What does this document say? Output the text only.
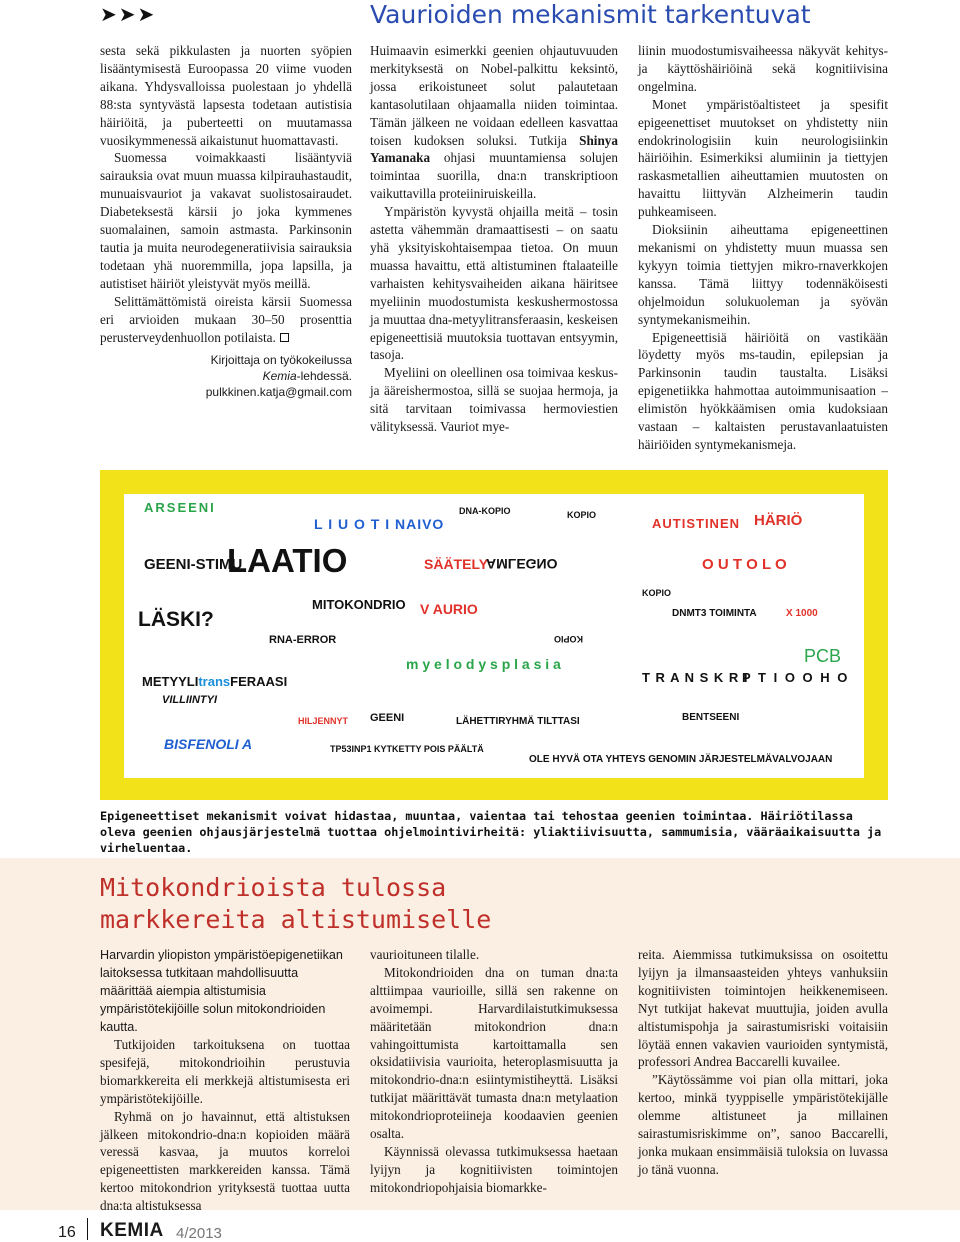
➤➤➤	Vaurioiden mekanismit tarkentuvat

sesta sekä pikkulasten ja nuorten syöpien lisääntymisestä Euroopassa 20 viime vuoden aikana. Yhdysvalloissa puolestaan jo yhdellä 88:sta syntyvästä lapsesta todetaan autistisia häiriöitä, ja puberteetti on muutamassa vuosikymmenessä aikaistunut huomattavasti.

Suomessa voimakkaasti lisääntyviä sairauksia ovat muun muassa kilpirauhastaudit, munuaisvauriot ja vakavat suolistosairaudet. Diabeteksestä kärsii jo joka kymmenes suomalainen, samoin astmasta. Parkinsonin tautia ja muita neurodegeneratiivisia sairauksia todetaan yhä nuoremmilla, jopa lapsilla, ja autistiset häiriöt yleistyvät myös meillä.

Selittämättömistä oireista kärsii Suomessa eri arvioiden mukaan 30–50 prosenttia perusterveydenhuollon potilaista.

Kirjoittaja on työkokeilussa
Kemia-lehdessä.
pulkkinen.katja@gmail.com

Huimaavin esimerkki geenien ohjautuvuuden merkityksestä on Nobel-palkittu keksintö, jossa erikoistuneet solut palautetaan kantasolutilaan ohjaamalla niiden toimintaa. Tämän jälkeen ne voidaan edelleen kasvattaa toisen kudoksen soluksi. Tutkija Shinya Yamanaka ohjasi muuntamiensa solujen toimintaa suorilla, dna:n transkriptioon vaikuttavilla proteiiniruiskeilla.

Ympäristön kyvystä ohjailla meitä – tosin astetta vähemmän dramaattisesti – on saatu yhä yksityiskohtaisempaa tietoa. On muun muassa havaittu, että altistuminen ftalaateille varhaisten kehitysvaiheiden aikana häiritsee myeliinin muodostumista keskushermostossa ja muuttaa dna-metyylitransferaasin, keskeisen epigeneettisiä muutoksia tuottavan entsyymin, tasoja.

Myeliini on oleellinen osa toimivaa keskus- ja ääreishermostoa, sillä se suojaa hermoja, ja sitä tarvitaan toimivassa hermoviestien välityksessä. Vauriot mye-

liinin muodostumisvaiheessa näkyvät kehitys- ja käyttöshäiriöinä sekä kognitiivisina ongelmina.

Monet ympäristöaltisteet ja spesifit epigeenettiset muutokset on yhdistetty niin endokrinologisiin kuin neurologisiinkin häiriöihin. Esimerkiksi alumiinin ja tiettyjen raskasmetallien aiheuttamien muutosten on havaittu liittyvän Alzheimerin taudin puhkeamiseen.

Dioksiinin aiheuttama epigeneettinen mekanismi on yhdistetty muun muassa sen kykyyn toimia tiettyjen mikro-rnaverkkojen kanssa. Tämä liittyy todennäköisesti ohjelmoidun solukuoleman ja syövän syntymekanismeihin.

Epigeneettisiä häiriöitä on vastikään löydetty myös ms-taudin, epilepsian ja Parkinsonin taudin taustalta. Lisäksi epigenetiikka hahmottaa autoimmunisaation – elimistön hyökkäämisen omia kudoksiaan vastaan – kaltaisten perustavanlaatuisten häiriöiden syntymekanismeja.

ARSEENI
L I U O T I NAIVO
DNA-KOPIO	KOPIO
AUTISTINEN HÄRIÖ
GEENI-STIMU
LAATIO	SÄÄTELY
AMLEGNO	O U T O L O
KOPIO
LÄSKI?
MITOKONDRIO V AURIO	DNMT3 TOIMINTA	X 1000
RNA-ERROR	KOPIO
PCB
m y e l o d y s p l a s i a
METYYLItransFERAASI	T R A N S K R I
P T I O O H O
VILLIINTYI
HILJENNYT GEENI	LÄHETTIRYHMÄ TILTTASI	BENTSEENI
BISFENOLI A	TP53INP1 KYTKETTY POIS PÄÄLTÄ
OLE HYVÄ OTA YHTEYS GENOMIN JÄRJESTELMÄVALVOJAAN
Epigeneettiset mekanismit voivat hidastaa, muuntaa, vaientaa tai tehostaa geenien toimintaa. Häiriötilassa oleva geenien ohjausjärjestelmä tuottaa ohjelmointivirheitä: yliaktiivisuutta, sammumisia, vääräaikaisuutta ja virheluentaa.
Mitokondrioista tulossa markkereita altistumiselle

Harvardin yliopiston ympäristöepigenetiikan laitoksessa tutkitaan mahdollisuutta määrittää aiempia altistumisia ympäristötekijöille solun mitokondrioiden kautta.

Tutkijoiden tarkoituksena on tuottaa spesifejä, mitokondrioihin perustuvia biomarkkereita eli merkkejä altistumisesta eri ympäristötekijöille.

Ryhmä on jo havainnut, että altistuksen jälkeen mitokondrio-dna:n kopioiden määrä veressä kasvaa, ja muutos korreloi epigeneettisten markkereiden kanssa. Tämä kertoo mitokondrion yrityksestä tuottaa uutta dna:ta altistuksessa

vaurioituneen tilalle.

Mitokondrioiden dna on tuman dna:ta alttiimpaa vaurioille, sillä sen rakenne on avoimempi. Harvardilaistutkimuksessa määritetään mitokondrion dna:n vahingoittumista kartoittamalla sen oksidatiivisia vaurioita, heteroplasmisuutta ja mitokondrio-dna:n esiintymistiheyttä. Lisäksi tutkijat määrittävät tumasta dna:n metylaation mitokondrioproteiineja koodaavien geenien osalta.

Käynnissä olevassa tutkimuksessa haetaan lyijyn ja kognitiivisten toimintojen mitokondriopohjaisia biomarkke-

reita. Aiemmissa tutkimuksissa on osoitettu lyijyn ja ilmansaasteiden yhteys vanhuksiin kognitiivisten toimintojen heikkenemiseen. Nyt tutkijat hakevat muuttujia, joiden avulla altistumispohja ja sairastumisriski voitaisiin löytää ennen vakavien vaurioiden syntymistä, professori Andrea Baccarelli kuvailee.

”Käytössämme voi pian olla mittari, joka kertoo, minkä tyyppiselle ympäristötekijälle olemme altistuneet ja millainen sairastumisriskimme on”, sanoo Baccarelli, jonka mukaan ensimmäisiä tuloksia on luvassa jo tänä vuonna.

16 KEMIA 4/2013
